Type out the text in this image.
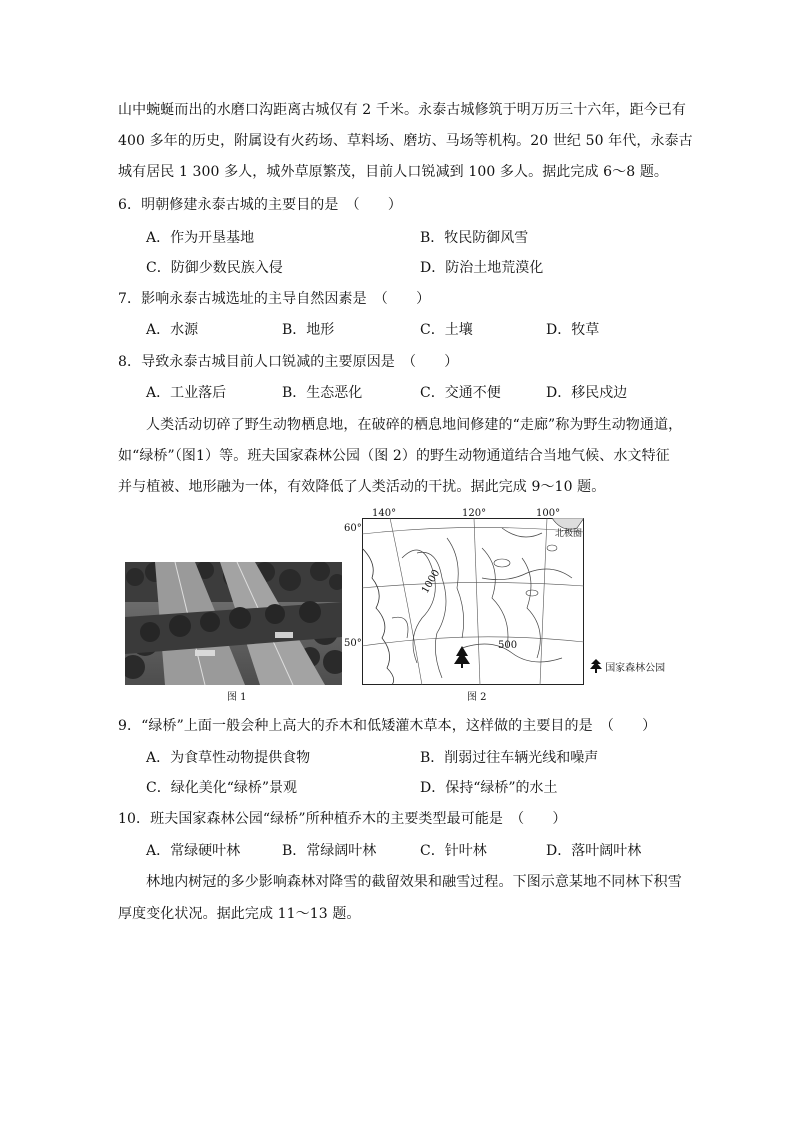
山中蜿蜒而出的水磨口沟距离古城仅有 2 千米。永泰古城修筑于明万历三十六年，距今已有
400 多年的历史，附属设有火药场、草料场、磨坊、马场等机构。20 世纪 50 年代，永泰古
城有居民 1 300 多人，城外草原繁茂，目前人口锐减到 100 多人。据此完成 6～8 题。
6．明朝修建永泰古城的主要目的是　（　　）
A．作为开垦基地	B．牧民防御风雪
C．防御少数民族入侵	D．防治土地荒漠化
7．影响永泰古城选址的主导自然因素是　（　　）
A．水源	B．地形	C．土壤	D．牧草
8．导致永泰古城目前人口锐减的主要原因是　（　　）
A．工业落后	B．生态恶化	C．交通不便	D．移民戍边
人类活动切碎了野生动物栖息地，在破碎的栖息地间修建的“走廊”称为野生动物通道，
如“绿桥”（图1）等。班夫国家森林公园（图 2）的野生动物通道结合当地气候、水文特征
并与植被、地形融为一体，有效降低了人类活动的干扰。据此完成 9～10 题。
图 1
140°	120°	100°
60°
50°
1000
500
北极圈
图 2
国家森林公园
9．“绿桥”上面一般会种上高大的乔木和低矮灌木草本，这样做的主要目的是　（　　）
A．为食草性动物提供食物	B．削弱过往车辆光线和噪声
C．绿化美化“绿桥”景观	D．保持“绿桥”的水土
10．班夫国家森林公园“绿桥”所种植乔木的主要类型最可能是　（　　）
A．常绿硬叶林	B．常绿阔叶林	C．针叶林	D．落叶阔叶林
林地内树冠的多少影响森林对降雪的截留效果和融雪过程。下图示意某地不同林下积雪
厚度变化状况。据此完成 11～13 题。
